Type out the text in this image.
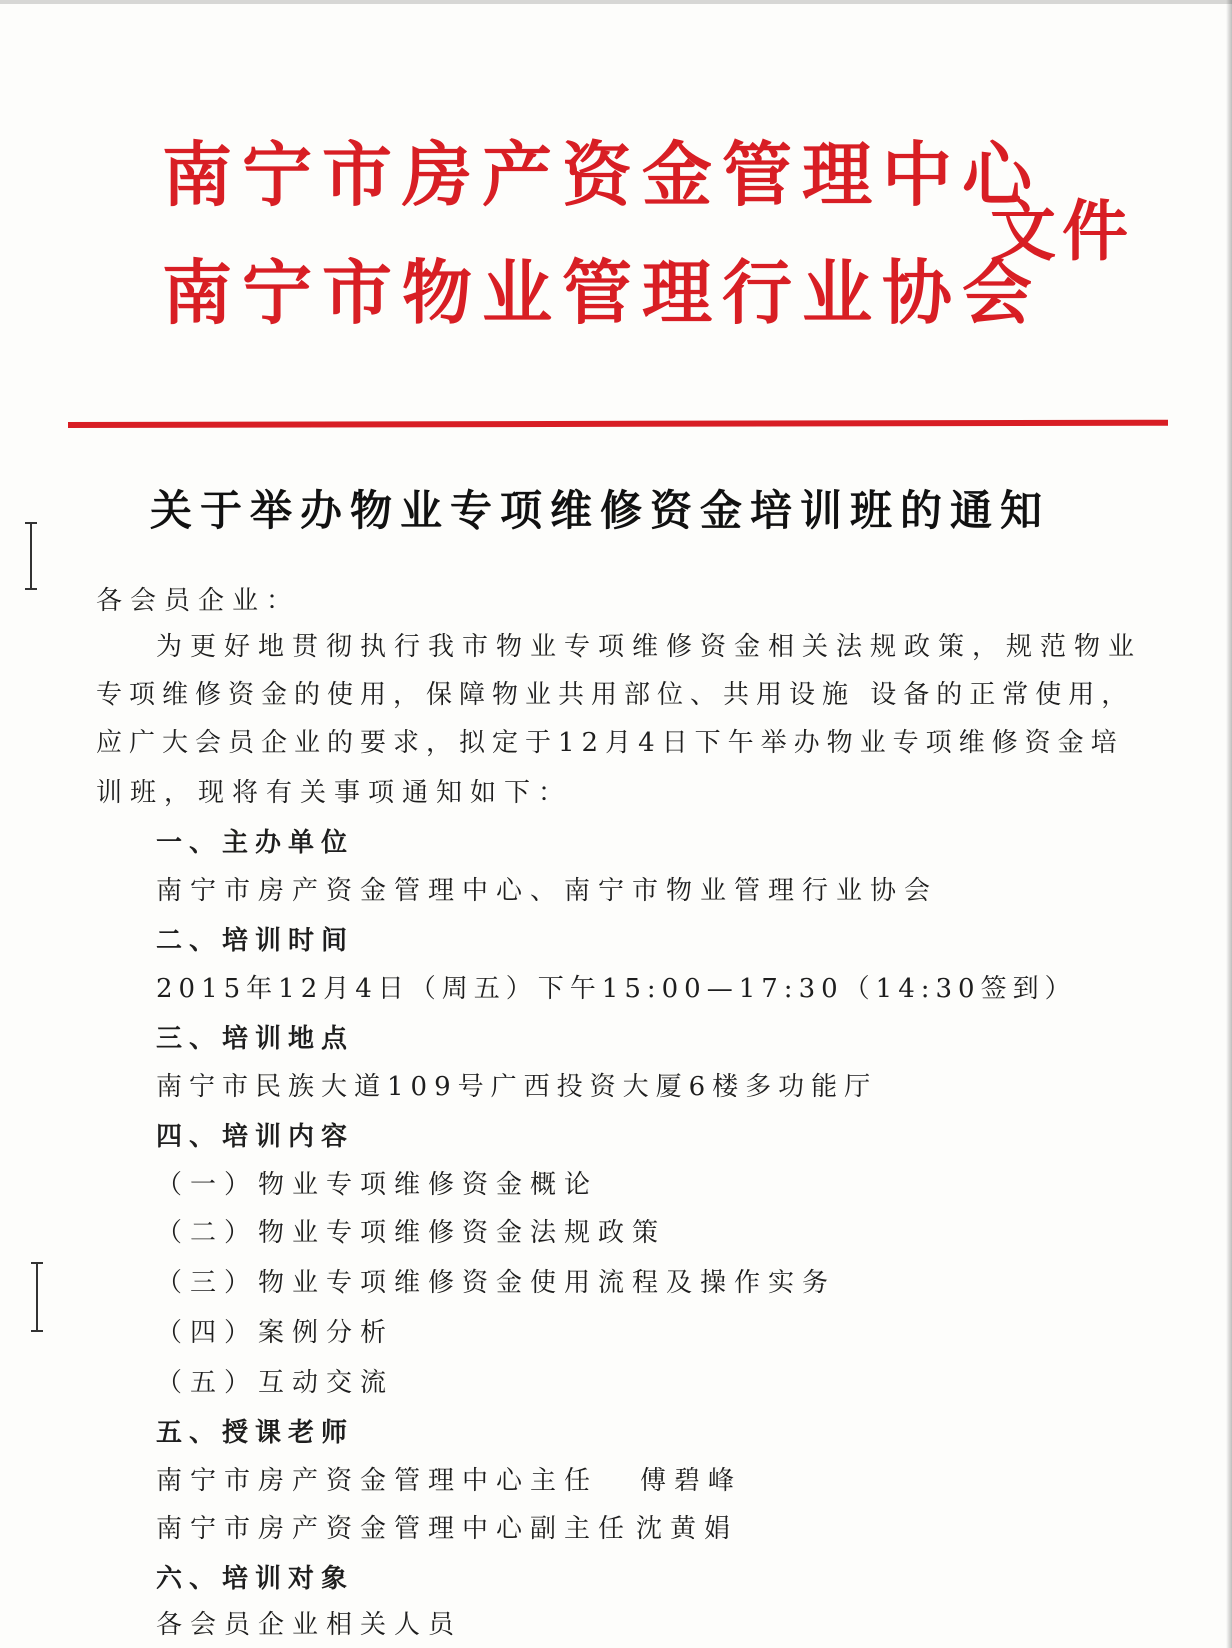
南宁市房产资金管理中心
南宁市物业管理行业协会
文件
关于举办物业专项维修资金培训班的通知
各会员企业：
为更好地贯彻执行我市物业专项维修资金相关法规政策，规范物业
专项维修资金的使用，保障物业共用部位、共用设施 设备的正常使用，
应广大会员企业的要求，拟定于12月4日下午举办物业专项维修资金培
训班，现将有关事项通知如下：
一、主办单位
南宁市房产资金管理中心、南宁市物业管理行业协会
二、培训时间
2015年12月4日（周五）下午15:00—17:30（14:30签到）
三、培训地点
南宁市民族大道109号广西投资大厦6楼多功能厅
四、培训内容
（一）物业专项维修资金概论
（二）物业专项维修资金法规政策
（三）物业专项维修资金使用流程及操作实务
（四）案例分析
（五）互动交流
五、授课老师
南宁市房产资金管理中心主任 傅碧峰
南宁市房产资金管理中心副主任 沈黄娟
六、培训对象
各会员企业相关人员
